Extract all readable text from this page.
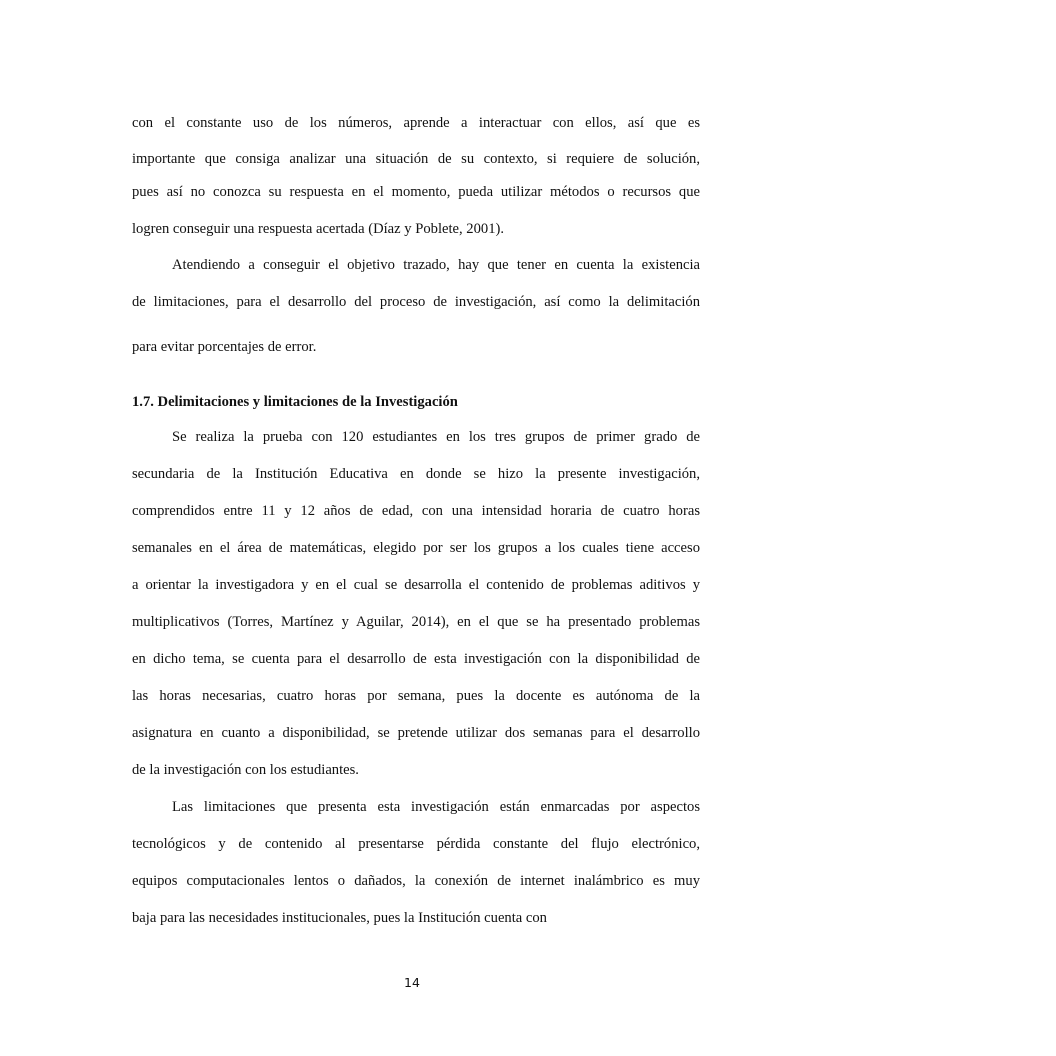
con el constante uso de los números, aprende a interactuar con ellos, así que es
importante que consiga analizar una situación de su contexto, si requiere de solución,
pues así no conozca su respuesta en el momento, pueda utilizar métodos o recursos que
logren conseguir una respuesta acertada (Díaz y Poblete, 2001).
Atendiendo a conseguir el objetivo trazado, hay que tener en cuenta la existencia
de limitaciones, para el desarrollo del proceso de investigación, así como la delimitación
para evitar porcentajes de error.
1.7. Delimitaciones y limitaciones de la Investigación
Se realiza la prueba con 120 estudiantes en los tres grupos de primer grado de
secundaria de la Institución Educativa en donde se hizo la presente investigación,
comprendidos entre 11 y 12 años de edad, con una intensidad horaria de cuatro horas
semanales en el área de matemáticas, elegido por ser los grupos a los cuales tiene acceso
a orientar la investigadora y en el cual se desarrolla el contenido de problemas aditivos y
multiplicativos (Torres, Martínez y Aguilar, 2014), en el que se ha presentado problemas
en dicho tema, se cuenta para el desarrollo de esta investigación con la disponibilidad de
las horas necesarias, cuatro horas por semana, pues la docente es autónoma de la
asignatura en cuanto a disponibilidad, se pretende utilizar dos semanas para el desarrollo
de la investigación con los estudiantes.
Las limitaciones que presenta esta investigación están enmarcadas por aspectos
tecnológicos y de contenido al presentarse pérdida constante del flujo electrónico,
equipos computacionales lentos o dañados, la conexión de internet inalámbrico es muy
baja para las necesidades institucionales, pues la Institución cuenta con
14
